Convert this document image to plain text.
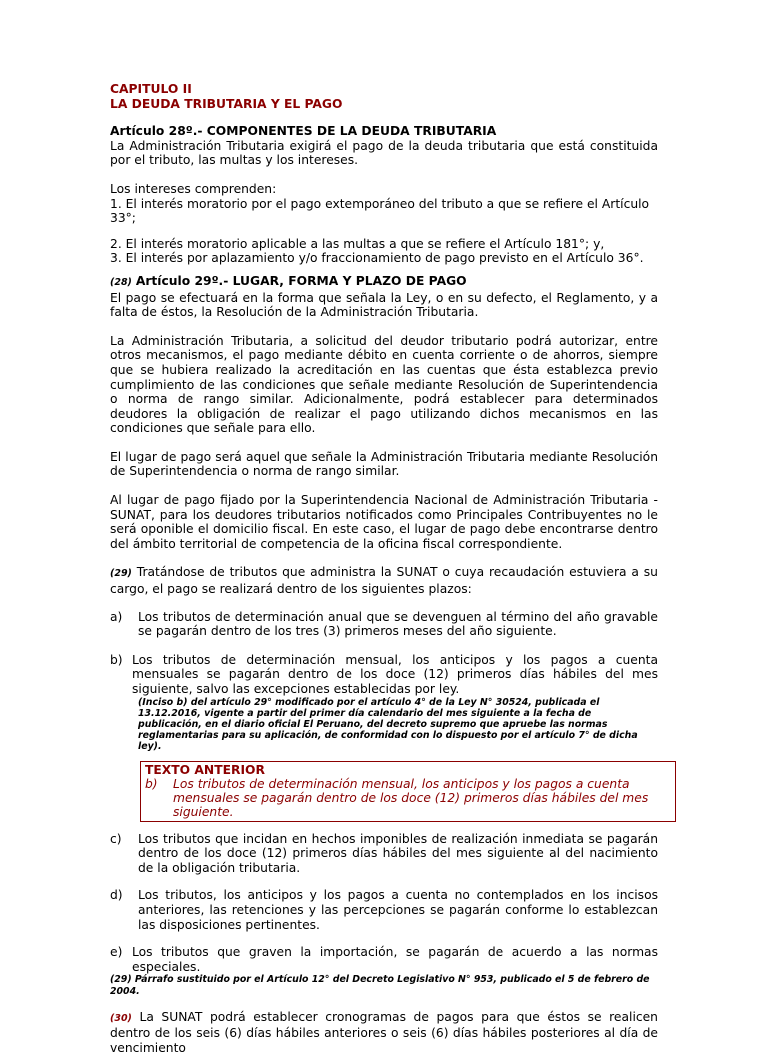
CAPITULO II
LA DEUDA TRIBUTARIA Y EL PAGO
Artículo 28º.- COMPONENTES DE LA DEUDA TRIBUTARIA
La Administración Tributaria exigirá el pago de la deuda tributaria que está constituida por el tributo, las multas y los intereses.
Los intereses comprenden:
1. El interés moratorio por el pago extemporáneo del tributo a que se refiere el Artículo 33°;
2. El interés moratorio aplicable a las multas a que se refiere el Artículo 181°; y,
3. El interés por aplazamiento y/o fraccionamiento de pago previsto en el Artículo 36°.
(28) Artículo 29º.- LUGAR, FORMA Y PLAZO DE PAGO
El pago se efectuará en la forma que señala la Ley, o en su defecto, el Reglamento, y a falta de éstos, la Resolución de la Administración Tributaria.
La Administración Tributaria, a solicitud del deudor tributario podrá autorizar, entre otros mecanismos, el pago mediante débito en cuenta corriente o de ahorros, siempre que se hubiera realizado la acreditación en las cuentas que ésta establezca previo cumplimiento de las condiciones que señale mediante Resolución de Superintendencia o norma de rango similar. Adicionalmente, podrá establecer para determinados deudores la obligación de realizar el pago utilizando dichos mecanismos en las condiciones que señale para ello.
El lugar de pago será aquel que señale la Administración Tributaria mediante Resolución de Superintendencia o norma de rango similar.
Al lugar de pago fijado por la Superintendencia Nacional de Administración Tributaria - SUNAT, para los deudores tributarios notificados como Principales Contribuyentes no le será oponible el domicilio fiscal. En este caso, el lugar de pago debe encontrarse dentro del ámbito territorial de competencia de la oficina fiscal correspondiente.
(29) Tratándose de tributos que administra la SUNAT o cuya recaudación estuviera a su cargo, el pago se realizará dentro de los siguientes plazos:
a)	Los tributos de determinación anual que se devenguen al término del año gravable se pagarán dentro de los tres (3) primeros meses del año siguiente.
b) Los tributos de determinación mensual, los anticipos y los pagos a cuenta mensuales se pagarán dentro de los doce (12) primeros días hábiles del mes siguiente, salvo las excepciones establecidas por ley.
(Inciso b) del artículo 29° modificado por el artículo 4° de la Ley N° 30524, publicada el 13.12.2016, vigente a partir del primer día calendario del mes siguiente a la fecha de publicación, en el diario oficial El Peruano, del decreto supremo que apruebe las normas reglamentarias para su aplicación, de conformidad con lo dispuesto por el artículo 7° de dicha ley).
TEXTO ANTERIOR
b)	Los tributos de determinación mensual, los anticipos y los pagos a cuenta mensuales se pagarán dentro de los doce (12) primeros días hábiles del mes siguiente.
c)	Los tributos que incidan en hechos imponibles de realización inmediata se pagarán dentro de los doce (12) primeros días hábiles del mes siguiente al del nacimiento de la obligación tributaria.
d)	Los tributos, los anticipos y los pagos a cuenta no contemplados en los incisos anteriores, las retenciones y las percepciones se pagarán conforme lo establezcan las disposiciones pertinentes.
e) Los tributos que graven la importación, se pagarán de acuerdo a las normas especiales.
(29) Párrafo sustituido por el Artículo 12° del Decreto Legislativo N° 953, publicado el 5 de febrero de 2004.
(30) La SUNAT podrá establecer cronogramas de pagos para que éstos se realicen dentro de los seis (6) días hábiles anteriores o seis (6) días hábiles posteriores al día de vencimiento
